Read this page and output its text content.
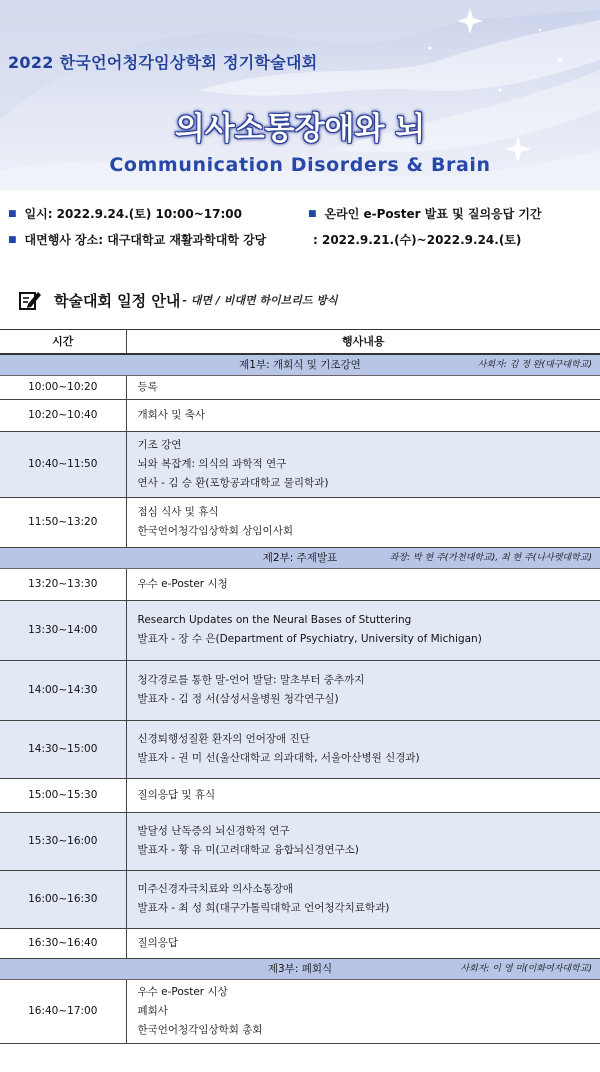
2022 한국언어청각임상학회 정기학술대회
의사소통장애와 뇌
Communication Disorders & Brain
■ 일시: 2022.9.24.(토) 10:00~17:00
■ 대면행사 장소: 대구대학교 재활과학대학 강당
■ 온라인 e-Poster 발표 및 질의응답 기간
: 2022.9.21.(수)~2022.9.24.(토)
학술대회 일정 안내 - 대면 / 비대면 하이브리드 방식
시간	행사내용

제1부: 개회식 및 기조강연 사회자: 김 정 완(대구대학교)	

10:00~10:20	등록

10:20~10:40	개회사 및 축사

10:40~11:50	기조 강연
뇌와 복잡계: 의식의 과학적 연구
연사 - 김 승 환(포항공과대학교 물리학과)

11:50~13:20	점심 식사 및 휴식
한국언어청각임상학회 상임이사회

제2부: 주제발표 좌장: 박 현 주(가천대학교), 최 현 주(나사렛대학교)	

13:20~13:30	우수 e-Poster 시청

13:30~14:00	Research Updates on the Neural Bases of Stuttering
발표자 - 장 수 은(Department of Psychiatry, University of Michigan)

14:00~14:30	청각경로를 통한 말-언어 발달: 말초부터 중추까지
발표자 - 김 정 서(삼성서울병원 청각연구실)

14:30~15:00	신경퇴행성질환 환자의 언어장애 진단
발표자 - 권 미 선(울산대학교 의과대학, 서울아산병원 신경과)

15:00~15:30	질의응답 및 휴식

15:30~16:00	발달성 난독증의 뇌신경학적 연구
발표자 - 황 유 미(고려대학교 융합뇌신경연구소)

16:00~16:30	미주신경자극치료와 의사소통장애
발표자 - 최 성 희(대구가톨릭대학교 언어청각치료학과)

16:30~16:40	질의응답

제3부: 폐회식 사회자: 이 영 미(이화여자대학교)	

16:40~17:00	우수 e-Poster 시상
폐회사
한국언어청각임상학회 총회
